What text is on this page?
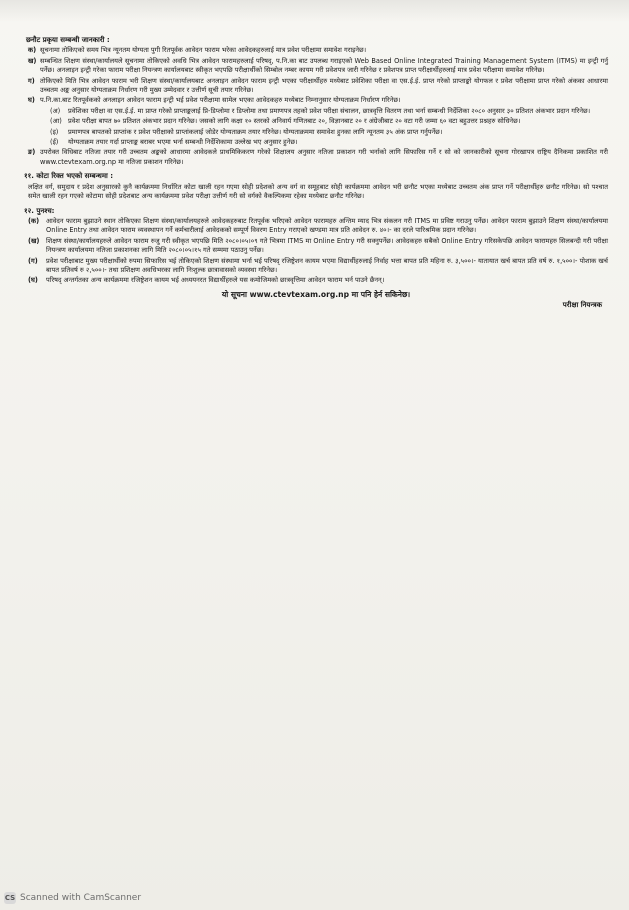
छनौट प्रकृया सम्बन्धी जानकारी :
क) सूचनामा तोकिएको समय भित्र न्यूनतम योग्यता पुगी रितपूर्वक आवेदन फाराम भरेका आवेदकहरुलाई मात्र प्रवेश परीक्षामा समावेश गराइनेछ।
ख) सम्बन्धित शिक्षण संस्था/कार्यालयले सूचनामा तोकिएको अवधि भित्र आवेदन फारामहरुलाई परिषद्, प.नि.का बाट उपलब्ध गराइएको Web Based Online Integrated Training Management System (ITMS) मा इन्ट्री गर्नु पर्नेछ। अनलाइन इन्ट्री गरेका फाराम परीक्षा नियन्त्रण कार्यालयबाट स्वीकृत भएपछि परीक्षार्थीको सिम्बोल नम्बर कायम गरी प्रवेशपत्र जारी गरिनेछ र प्रवेशपत्र प्राप्त परीक्षार्थीहरुलाई मात्र प्रवेश परीक्षामा समावेश गरिनेछ।
ग) तोकिएको मिति भित्र आवेदन फाराम भरी शिक्षण संस्था/कार्यालयबाट अनलाइन आवेदन फाराम इन्ट्री भएका परीक्षार्थीहरु मध्येबाट प्रवेशिका परीक्षा वा एस.ई.ई. प्राप्त गरेको प्राप्ताङ्को योगफल र प्रवेश परीक्षामा प्राप्त गरेको अंकका आधारमा उच्चतम अङ्क अनुसार योग्यताक्रम निर्धारण गरी मुख्य उम्मेदवार र उत्तीर्ण सूची तयार गरिनेछ।
घ) प.नि.का.बाट रितपूर्वकको अनलाइन आवेदन फाराम इन्ट्री भई प्रवेश परीक्षामा सामेल भएका आवेदकहरु मध्येबाट निम्नानुसार योग्यताक्रम निर्धारण गरिनेछ।
(अ)	प्रवेशिका परीक्षा वा एस.ई.ई. मा प्राप्त गरेको प्राप्ताङ्कलाई प्रि-डिप्लोमा र डिप्लोमा तथा प्रमाणपत्र तहको प्रवेश परीक्षा संचालन, छात्रवृत्ति वितरण तथा भर्ना सम्बन्धी निर्देशिका २०८० अनुसार ३० प्रतिशत अंकभार प्रदान गरिनेछ।
(आ) प्रवेश परीक्षा बापत ७० प्रतिशत अंकभार प्रदान गरिनेछ। जसको लागि कक्षा १० स्तरको अनिवार्य गणितबाट २०, विज्ञानबाट २० र अंग्रेजीबाट २० वटा गरी जम्मा ६० वटा बहुउत्तर प्रश्नहरु सोधिनेछ।
(इ)	प्रमाणपत्र बापतको प्राप्तांक र प्रवेश परीक्षाको प्राप्तांकलाई जोडेर योग्यताक्रम तयार गरिनेछ। योग्यताक्रममा समावेश हुनका लागि न्यूनतम ३५ अंक प्राप्त गर्नुपर्नेछ।
(ई)	योग्यताक्रम तयार गर्दा प्राप्ताङ्क बराबर भएमा भर्ना सम्बन्धी निर्देशिकामा उल्लेख भए अनुसार हुनेछ।
ङ) उपरोक्त विधिबाट नतिजा तयार गरी उच्चतम अङ्कको आधारमा आवेदकले प्राथमिकिकरण गरेको शिक्षालय अनुसार नतिजा प्रकाशन गरी भर्नाको लागि सिफारिस गर्ने र सो को जानकारीको सूचना गोरखापत्र राष्ट्रिय दैनिकमा प्रकाशित गरी www.ctevtexam.org.np मा नतिजा प्रकाशन गरिनेछ।
११. कोटा रिक्त भएको सम्बन्धमा :
लक्षित वर्ग, समुदाय र प्रदेश अनुसारको कुनै कार्यक्रममा निर्धारित कोटा खाली रहन गएमा सोही प्रदेशको अन्य वर्ग वा समूहबाट सोही कार्यक्रममा आवेदन भरी छनौट भएका मध्येबाट उच्चतम अंक प्राप्त गर्ने परीक्षार्थीहरु छनौट गरिनेछ। सो पश्चात समेत खाली रहन गएको कोटामा सोही प्रदेशबाट अन्य कार्यक्रममा प्रवेश परीक्षा उत्तीर्ण गरी सो वर्गको वैकल्पिकमा रहेका मध्येबाट छनौट गरिनेछ।
१२. पुनश्च:
(क)	आवेदन फाराम बुझाउने स्थान तोकिएका शिक्षण संस्था/कार्यालयहरुले आवेदकहरुबाट रितपूर्वक भरिएको आवेदन फारामहरु अन्तिम म्याद भित्र संकलन गरी ITMS मा प्रविष्ट गराउनु पर्नेछ। आवेदन फाराम बुझाउने शिक्षण संस्था/कार्यालयमा Online Entry तथा आवेदन फाराम व्यवस्थापन गर्ने कर्मचारीलाई आवेदकको सम्पूर्ण विवरण Entry गराएको खण्डमा मात्र प्रति आवेदन रु. ४०।- का दरले पारिश्रमिक प्रदान गरिनेछ।
(ख) शिक्षण संस्था/कार्यालयहरुले आवेदन फाराम रुजु गरी स्वीकृत भएपछि मिति २०८०।०५।०९ गते भित्रमा ITMS मा Online Entry गरी सक्नुपर्नेछ। आवेदकहरु सबैको Online Entry गरिसकेपछि आवेदन फारामहरु सिलबन्दी गरी परीक्षा नियन्त्रण कार्यालयमा नतिजा प्रकाशनका लागि मिति २०८०।०५।१५ गते सम्ममा पठाउनु पर्नेछ।
(ग)	प्रवेश परीक्षाबाट मुख्य परीक्षार्थीको रुपमा सिफारिस भई तोकिएको शिक्षण संस्थामा भर्ना भई परिषद् रजिष्ट्रेशन कायम भएमा विद्यार्थीहरुलाई निर्वाह भत्ता बापत प्रति महिना रु. ३,५००।- यातायात खर्च बापत प्रति वर्ष रु. १,५००।- पोशाक खर्च बापत प्रतिवर्ष रु २,५००।- तथा प्रशिक्षण अवधिभरका लागि निःशुल्क छात्रावासको व्यवस्था गरिनेछ।
(घ)	परिषद् अन्तर्गतका अन्य कार्यक्रममा रजिष्ट्रेशन कायम भई अध्ययनरत विद्यार्थीहरुले यस कमोजिमको छात्रवृत्तिमा आवेदन फाराम भर्न पाउने छैनन्।
यो सूचना www.ctevtexam.org.np मा पनि हेर्न सकिनेछ।
परीक्षा नियन्त्रक
CS Scanned with CamScanner
